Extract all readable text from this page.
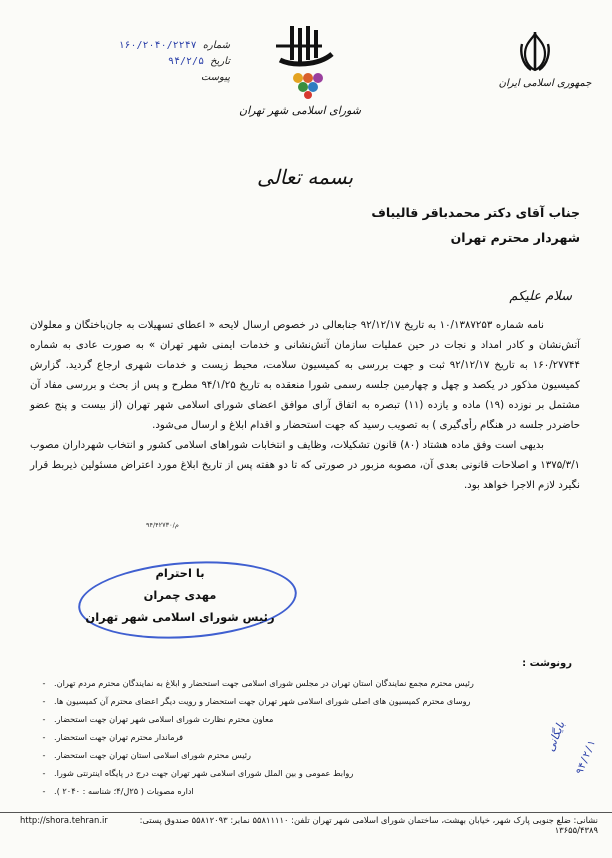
جمهوری اسلامی ایران
شورای اسلامی شهر تهران
شماره
۱۶۰/۲۰۴۰/۲۲۴۷
تاریخ
۹۴/۲/۵
پیوست
بسمه تعالی
جناب آقای دکتر محمدباقر قالیباف
شهردار محترم تهران
سلام علیکم

نامه شماره ۱۰/۱۳۸۷۲۵۳ به تاریخ ۹۲/۱۲/۱۷ جنابعالی در خصوص ارسال لایحه « اعطای تسهیلات به جان‌باختگان و معلولان آتش‌نشان و کادر امداد و نجات در حین عملیات سازمان آتش‌نشانی و خدمات ایمنی شهر تهران » به صورت عادی به شماره ۱۶۰/۲۷۷۴۴ به تاریخ ۹۲/۱۲/۱۷ ثبت و جهت بررسی به کمیسیون سلامت، محیط زیست و خدمات شهری ارجاع گردید. گزارش کمیسیون مذکور در یکصد و چهل و چهارمین جلسه رسمی شورا منعقده به تاریخ ۹۴/۱/۲۵ مطرح و پس از بحث و بررسی مفاد آن مشتمل بر نوزده (۱۹) ماده و یازده (۱۱) تبصره به اتفاق آرای موافق اعضای شورای اسلامی شهر تهران (از بیست و پنج عضو حاضردر جلسه در هنگام رأی‌گیری ) به تصویب رسید که جهت استحضار و اقدام ابلاغ و ارسال می‌شود.

بدیهی است وفق ماده هشتاد (۸۰) قانون تشکیلات، وظایف و انتخابات شوراهای اسلامی کشور و انتخاب شهرداران مصوب ۱۳۷۵/۳/۱ و اصلاحات قانونی بعدی آن، مصوبه مزبور در صورتی که تا دو هفته پس از تاریخ ابلاغ مورد اعتراض مسئولین ذیربط قرار نگیرد لازم الاجرا خواهد بود.

۹۴/۴۲۷۳۰/م
با احترام
مهدی چمران
رئیس شورای اسلامی شهر تهران
رونوشت :
-	رئیس محترم مجمع نمایندگان استان تهران در مجلس شورای اسلامی جهت استحضار و ابلاغ به نمایندگان محترم مردم تهران.
-	روسای محترم کمیسیون های اصلی شورای اسلامی شهر تهران جهت استحضار و رویت دیگر اعضای محترم آن کمیسیون ها.
-	معاون محترم نظارت شورای اسلامی شهر تهران جهت استحضار.
-	فرماندار محترم تهران جهت استحضار.
-	رئیس محترم شورای اسلامی استان تهران جهت استحضار.
-	روابط عمومی و بین الملل شورای اسلامی شهر تهران جهت درج در پایگاه اینترنتی شورا.
-	اداره مصوبات ( ۲۵ل/۴؛ شناسه : ۲۰۴۰ ).
بایگانی
۹۴/۲/۱
http://shora.tehran.ir	نشانی: ضلع جنوبی پارک شهر، خیابان بهشت، ساختمان شورای اسلامی شهر تهران تلفن: ۵۵۸۱۱۱۱۰ نمابر: ۵۵۸۱۲۰۹۳ صندوق پستی: ۱۳۶۵۵/۴۳۸۹
